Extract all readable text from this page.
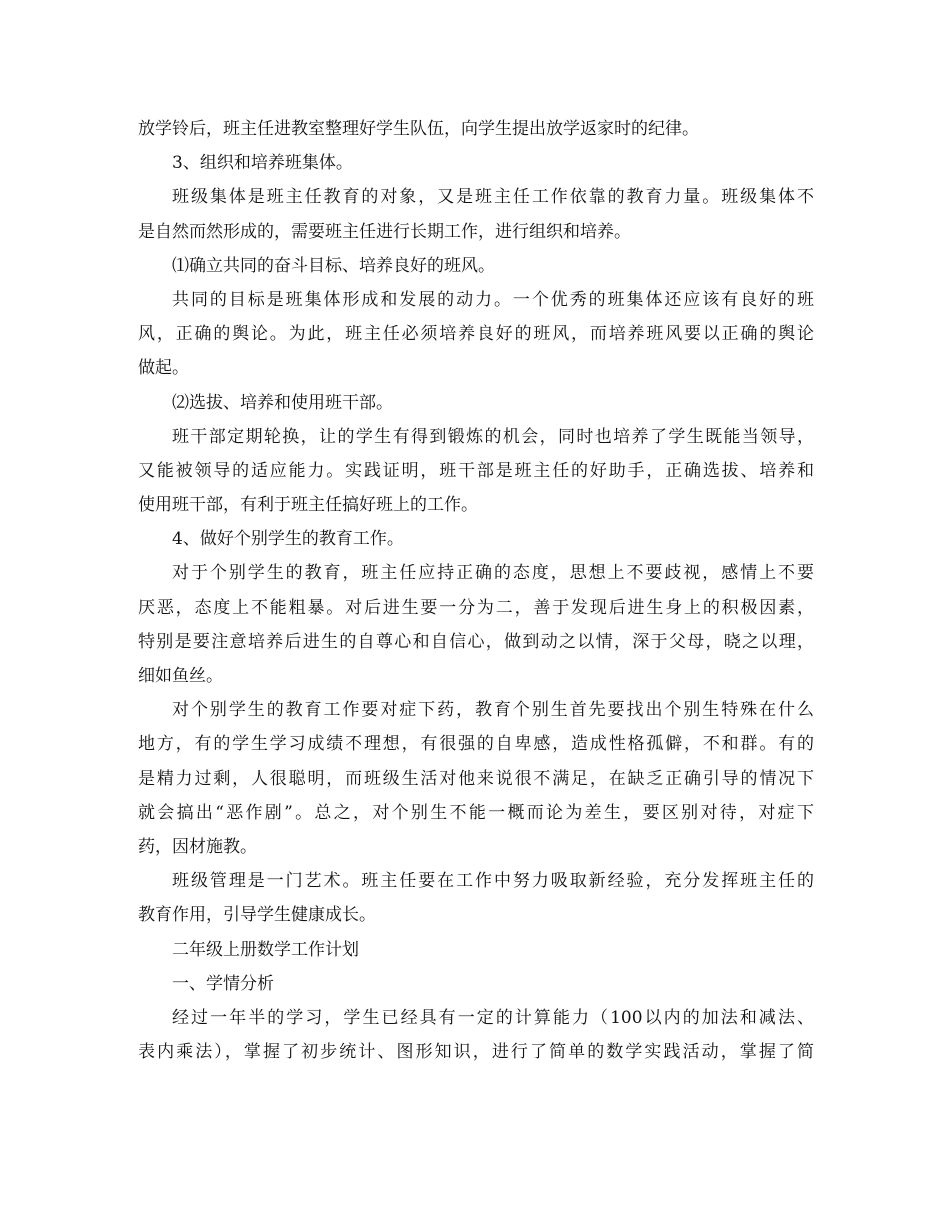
放学铃后，班主任进教室整理好学生队伍，向学生提出放学返家时的纪律。
3、组织和培养班集体。
班级集体是班主任教育的对象，又是班主任工作依靠的教育力量。班级集体不
是自然而然形成的，需要班主任进行长期工作，进行组织和培养。
⑴确立共同的奋斗目标、培养良好的班风。
共同的目标是班集体形成和发展的动力。一个优秀的班集体还应该有良好的班
风，正确的舆论。为此，班主任必须培养良好的班风，而培养班风要以正确的舆论
做起。
⑵选拔、培养和使用班干部。
班干部定期轮换，让的学生有得到锻炼的机会，同时也培养了学生既能当领导，
又能被领导的适应能力。实践证明，班干部是班主任的好助手，正确选拔、培养和
使用班干部，有利于班主任搞好班上的工作。
4、做好个别学生的教育工作。
对于个别学生的教育，班主任应持正确的态度，思想上不要歧视，感情上不要
厌恶，态度上不能粗暴。对后进生要一分为二，善于发现后进生身上的积极因素，
特别是要注意培养后进生的自尊心和自信心，做到动之以情，深于父母，晓之以理，
细如鱼丝。
对个别学生的教育工作要对症下药，教育个别生首先要找出个别生特殊在什么
地方，有的学生学习成绩不理想，有很强的自卑感，造成性格孤僻，不和群。有的
是精力过剩，人很聪明，而班级生活对他来说很不满足，在缺乏正确引导的情况下
就会搞出“恶作剧”。总之，对个别生不能一概而论为差生，要区别对待，对症下
药，因材施教。
班级管理是一门艺术。班主任要在工作中努力吸取新经验，充分发挥班主任的
教育作用，引导学生健康成长。
二年级上册数学工作计划
一、学情分析
经过一年半的学习，学生已经具有一定的计算能力（100以内的加法和减法、
表内乘法），掌握了初步统计、图形知识，进行了简单的数学实践活动，掌握了简
